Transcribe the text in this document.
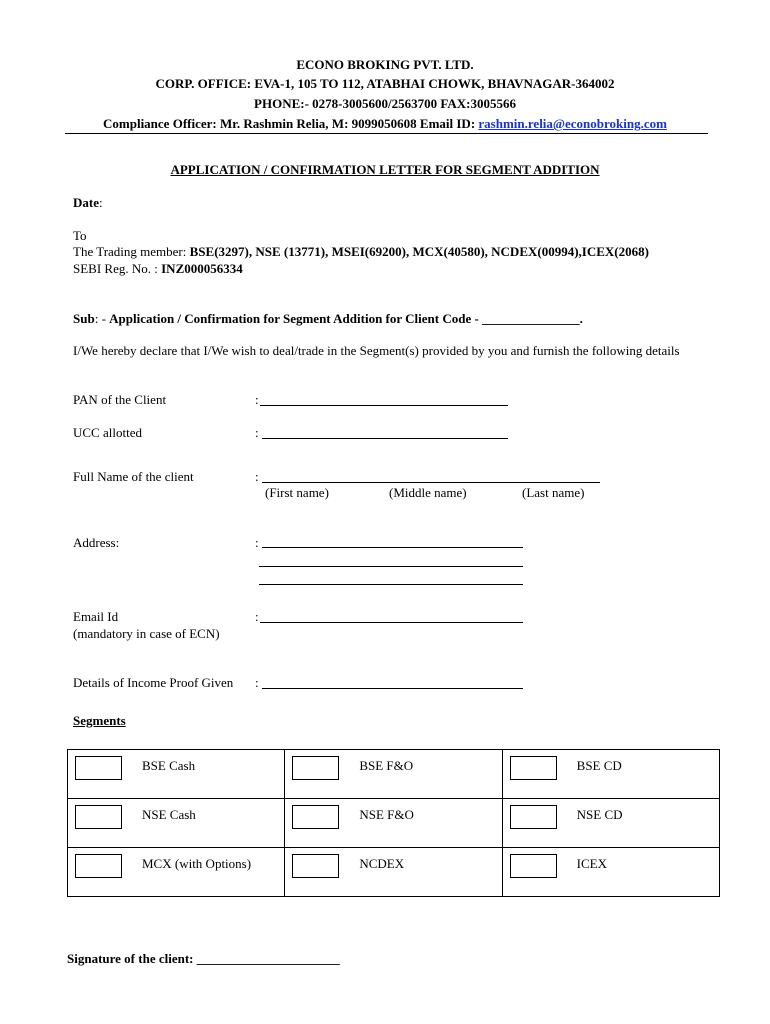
ECONO BROKING PVT. LTD.
CORP. OFFICE: EVA-1, 105 TO 112, ATABHAI CHOWK, BHAVNAGAR-364002
PHONE:- 0278-3005600/2563700 FAX:3005566
Compliance Officer: Mr. Rashmin Relia, M: 9099050608 Email ID: rashmin.relia@econobroking.com
APPLICATION / CONFIRMATION LETTER FOR SEGMENT ADDITION
Date:
To
The Trading member: BSE(3297), NSE (13771), MSEI(69200), MCX(40580), NCDEX(00994),ICEX(2068)
SEBI Reg. No. : INZ000056334
Sub: - Application / Confirmation for Segment Addition for Client Code - _______________.
I/We hereby declare that I/We wish to deal/trade in the Segment(s) provided by you and furnish the following details
PAN of the Client	:
UCC allotted	:
Full Name of the client	:
(First name)	(Middle name)	(Last name)
Address:	:
Email Id
(mandatory in case of ECN)
:
Details of Income Proof Given :
Segments
BSE Cash	BSE F&O	BSE CD

NSE Cash	NSE F&O	NSE CD

MCX (with Options)	NCDEX	ICEX
Signature of the client: ______________________
